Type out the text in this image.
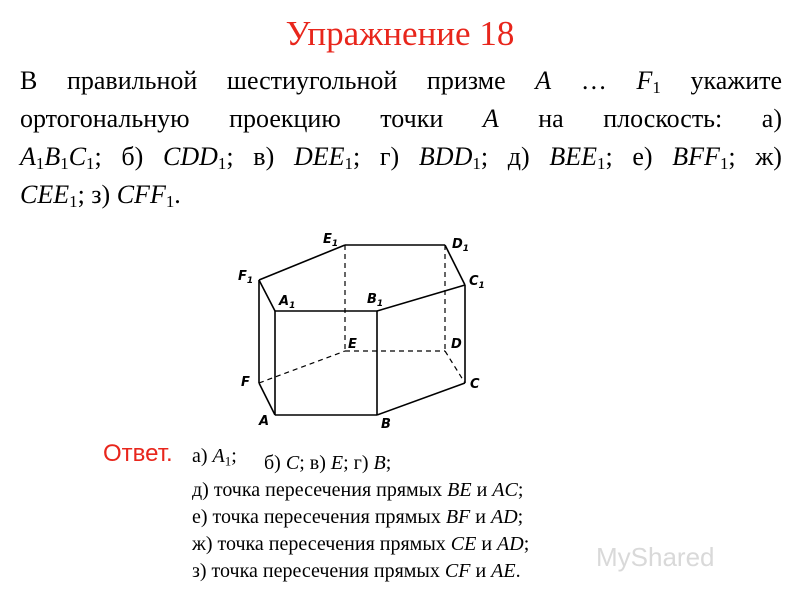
Упражнение 18
В правильной шестиугольной призме A … $F_1$ укажите
ортогональную проекцию точки A на плоскость: а)
$A_1B_1C_1$; б) $CDD_1$; в) $DEE_1$; г) $BDD_1$; д) $BEE_1$; е) $BFF_1$; ж)
$CEE_1$; з) $CFF_1$.
$E_1$	$D_1$
$F_1$	$C_1$
$A_1$	$B_1$
E	D
F	C
A	B
Ответ. а) $A_1$; б) C; в) E; г) B;
д) точка пересечения прямых BE и AC;
е) точка пересечения прямых BF и AD;
ж) точка пересечения прямых CE и AD;
з) точка пересечения прямых CF и AE.	MyShared
